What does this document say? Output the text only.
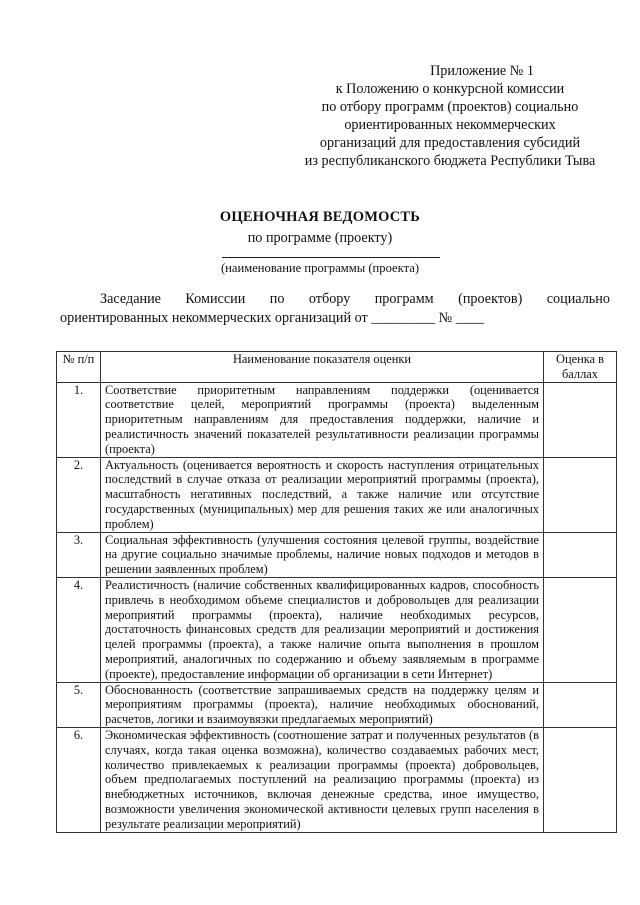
Приложение № 1
к Положению о конкурсной комиссии
по отбору программ (проектов) социально
ориентированных некоммерческих
организаций для предоставления субсидий
из республиканского бюджета Республики Тыва
ОЦЕНОЧНАЯ ВЕДОМОСТЬ
по программе (проекту)
(наименование программы (проекта)
Заседание Комиссии по отбору программ (проектов) социально
ориентированных некоммерческих организаций от _________ № ____
№ п/п	Наименование показателя оценки	Оценка в баллах
1.	Соответствие приоритетным направлениям поддержки (оценивается соответствие целей, мероприятий программы (проекта) выделенным приоритетным направлениям для предоставления поддержки, наличие и реалистичность значений показателей результативности реализации программы (проекта)	
2.	Актуальность (оценивается вероятность и скорость наступления отрицательных последствий в случае отказа от реализации мероприятий программы (проекта), масштабность негативных последствий, а также наличие или отсутствие государственных (муниципальных) мер для решения таких же или аналогичных проблем)	
3.	Социальная эффективность (улучшения состояния целевой группы, воздействие на другие социально значимые проблемы, наличие новых подходов и методов в решении заявленных проблем)	
4.	Реалистичность (наличие собственных квалифицированных кадров, способность привлечь в необходимом объеме специалистов и добровольцев для реализации мероприятий программы (проекта), наличие необходимых ресурсов, достаточность финансовых средств для реализации мероприятий и достижения целей программы (проекта), а также наличие опыта выполнения в прошлом мероприятий, аналогичных по содержанию и объему заявляемым в программе (проекте), предоставление информации об организации в сети Интернет)	
5.	Обоснованность (соответствие запрашиваемых средств на поддержку целям и мероприятиям программы (проекта), наличие необходимых обоснований, расчетов, логики и взаимоувязки предлагаемых мероприятий)	
6.	Экономическая эффективность (соотношение затрат и полученных результатов (в случаях, когда такая оценка возможна), количество создаваемых рабочих мест, количество привлекаемых к реализации программы (проекта) добровольцев, объем предполагаемых поступлений на реализацию программы (проекта) из внебюджетных источников, включая денежные средства, иное имущество, возможности увеличения экономической активности целевых групп населения в результате реализации мероприятий)	
